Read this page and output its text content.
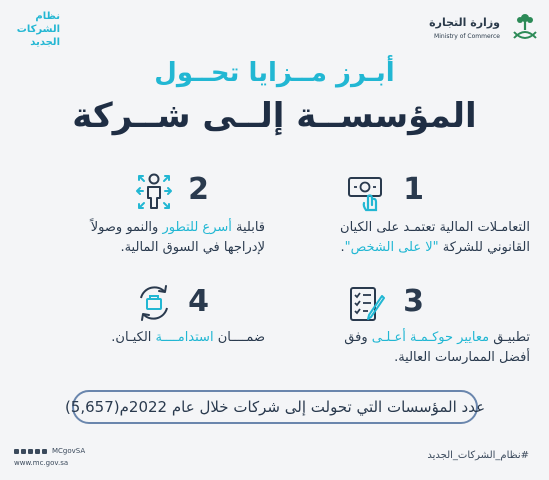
وزارة التجارة
Ministry of Commerce
نظام
الشركات
الجديد
أبـرز مــزايا تحــول
المؤسســة إلــى شــركة
1
التعامـلات المالية تعتمـد على الكيان
القانوني للشركة "لا على الشخص".
2
قابلية أسرع للتطور والنمو وصولاً
لإدراجها في السوق المالية.
3
تطبيـق معايير حوكـمـة أعـلـى وفق
أفضل الممارسات العالية.
4
ضمــــان استدامــــة الكيـان.
عدد المؤسسات التي تحولت إلى شركات خلال عام 2022م
(5,657)
MCgovSA
www.mc.gov.sa
#نظام_الشركات_الجديد
